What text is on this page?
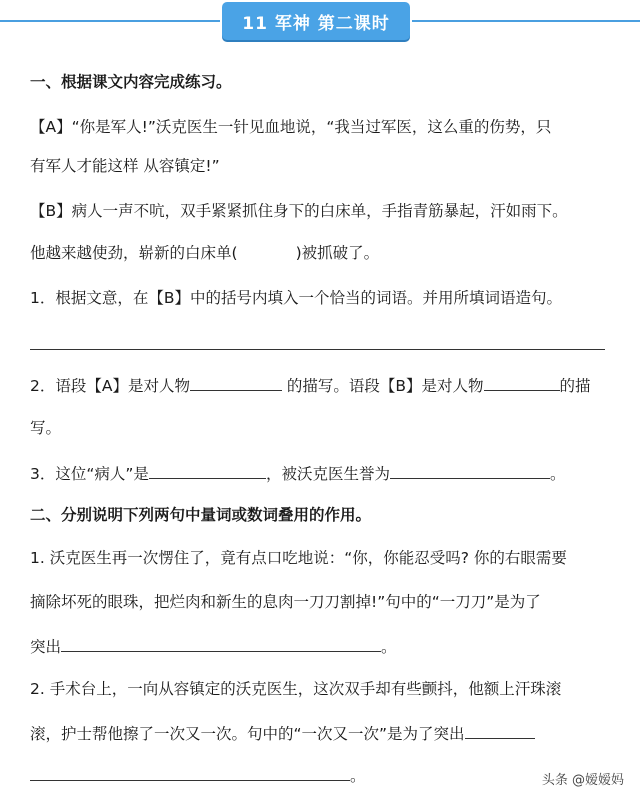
11 军神 第二课时
一、根据课文内容完成练习。
【A】“你是军人!”沃克医生一针见血地说，“我当过军医，这么重的伤势，只
有军人才能这样 从容镇定!”
【B】病人一声不吭，双手紧紧抓住身下的白床单，手指青筋暴起，汗如雨下。
他越来越使劲，崭新的白床单(	)被抓破了。
1．根据文意，在【B】中的括号内填入一个恰当的词语。并用所填词语造句。
2．语段【A】是对人物	的描写。语段【B】是对人物	的描
写。
3．这位“病人”是	，被沃克医生誉为	。
二、分别说明下列两句中量词或数词叠用的作用。
1. 沃克医生再一次愣住了，竟有点口吃地说：“你，你能忍受吗? 你的右眼需要
摘除坏死的眼珠，把烂肉和新生的息肉一刀刀割掉!”句中的“一刀刀”是为了
突出	。
2. 手术台上，一向从容镇定的沃克医生，这次双手却有些颤抖，他额上汗珠滚
滚，护士帮他擦了一次又一次。句中的“一次又一次”是为了突出
。	头条 @嫒嫒妈
